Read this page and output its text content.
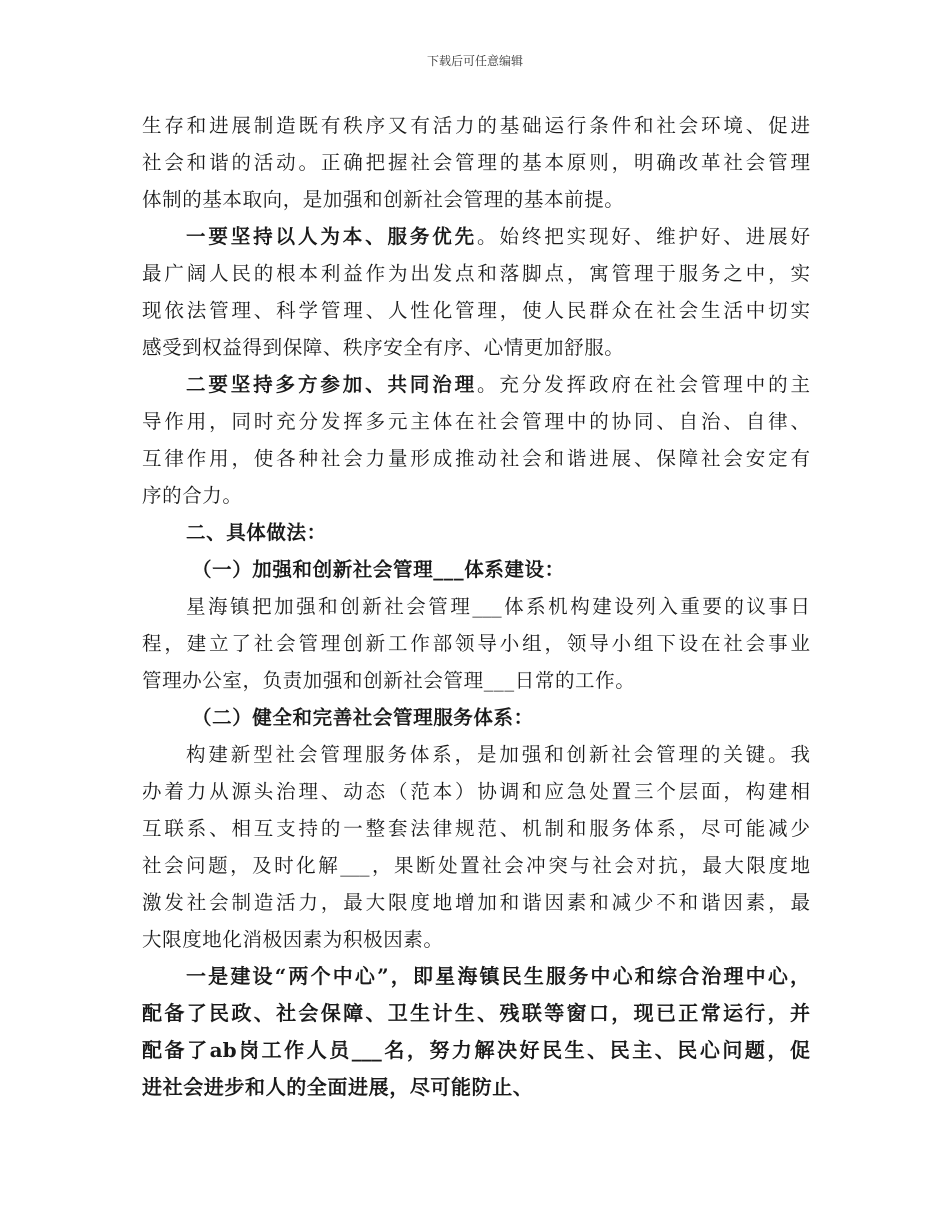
下载后可任意编辑
生存和进展制造既有秩序又有活力的基础运行条件和社会环境、促进
社会和谐的活动。正确把握社会管理的基本原则，明确改革社会管理
体制的基本取向，是加强和创新社会管理的基本前提。
一要坚持以人为本、服务优先。始终把实现好、维护好、进展好
最广阔人民的根本利益作为出发点和落脚点，寓管理于服务之中，实
现依法管理、科学管理、人性化管理，使人民群众在社会生活中切实
感受到权益得到保障、秩序安全有序、心情更加舒服。
二要坚持多方参加、共同治理。充分发挥政府在社会管理中的主
导作用，同时充分发挥多元主体在社会管理中的协同、自治、自律、
互律作用，使各种社会力量形成推动社会和谐进展、保障社会安定有
序的合力。
二、具体做法：
（一）加强和创新社会管理___体系建设：
星海镇把加强和创新社会管理___体系机构建设列入重要的议事日
程，建立了社会管理创新工作部领导小组，领导小组下设在社会事业
管理办公室，负责加强和创新社会管理___日常的工作。
（二）健全和完善社会管理服务体系：
构建新型社会管理服务体系，是加强和创新社会管理的关键。我
办着力从源头治理、动态（范本）协调和应急处置三个层面，构建相
互联系、相互支持的一整套法律规范、机制和服务体系，尽可能减少
社会问题，及时化解___，果断处置社会冲突与社会对抗，最大限度地
激发社会制造活力，最大限度地增加和谐因素和减少不和谐因素，最
大限度地化消极因素为积极因素。
一是建设“两个中心”，即星海镇民生服务中心和综合治理中心，
配备了民政、社会保障、卫生计生、残联等窗口，现已正常运行，并
配备了ab岗工作人员___名，努力解决好民生、民主、民心问题，促
进社会进步和人的全面进展，尽可能防止、
